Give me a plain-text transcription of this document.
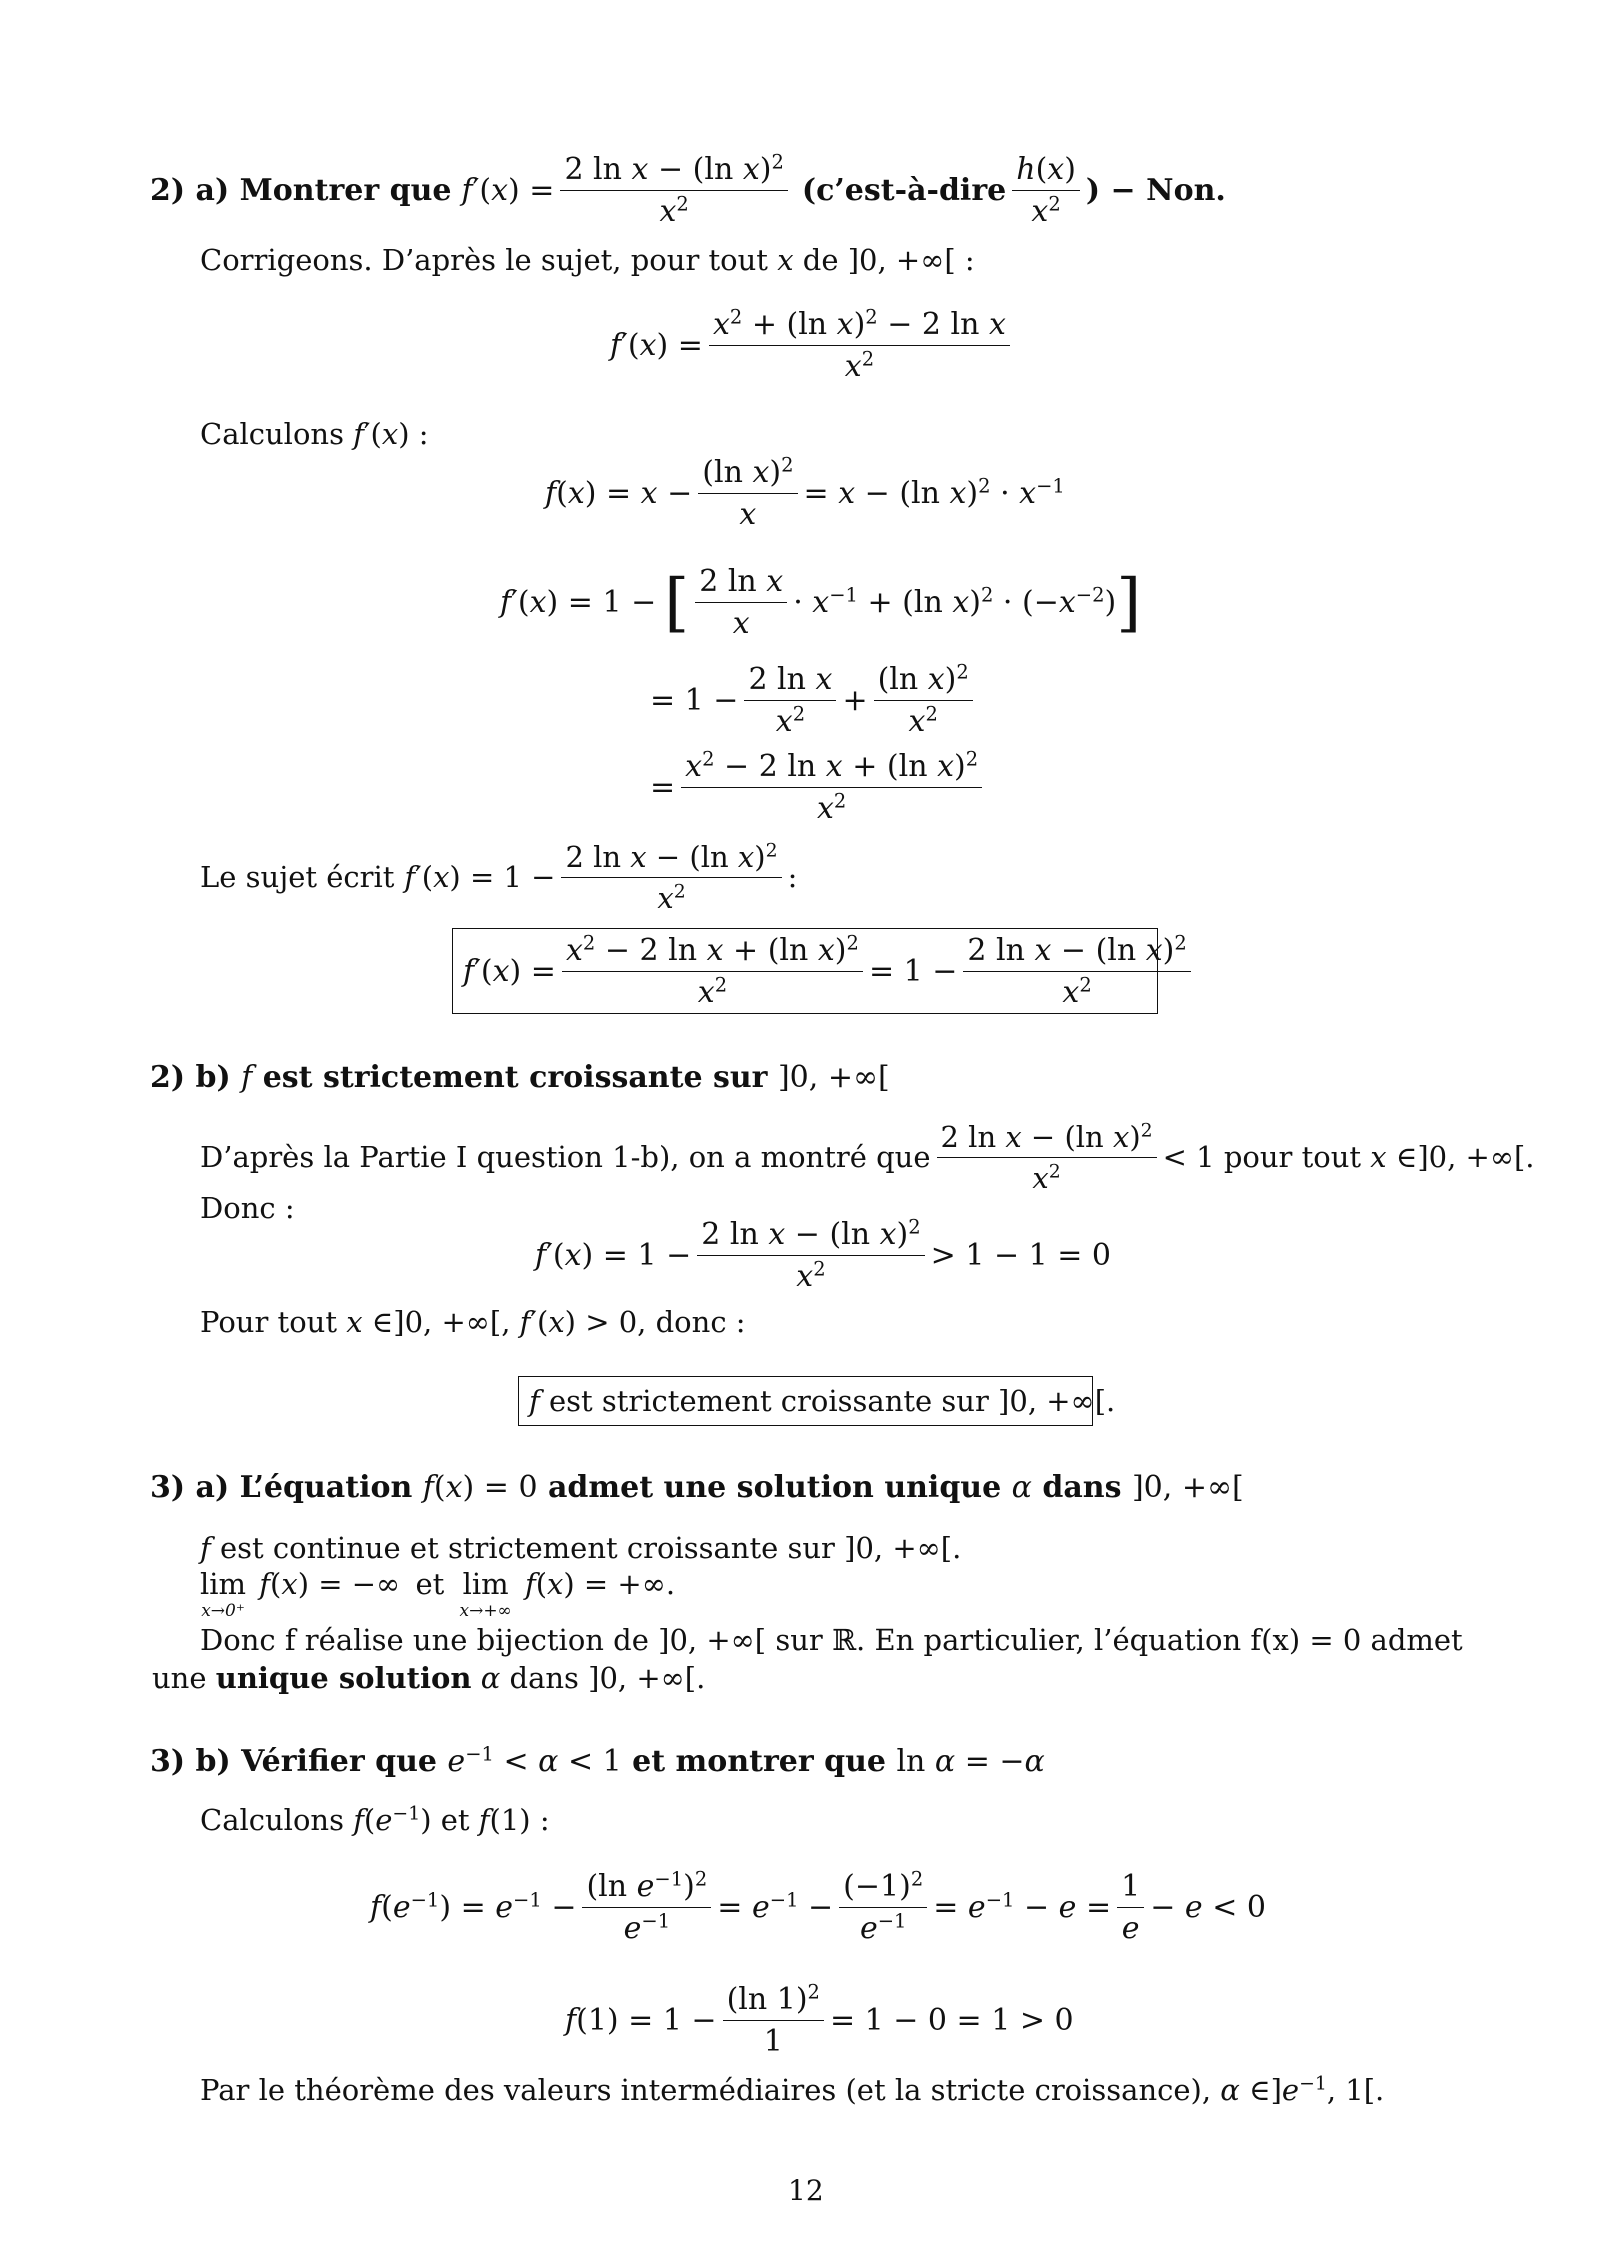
2) a) Montrer que $f'(x) = \frac{2 \ln x - (\ln x)^2}{x^2}$ (c’est-à-dire $\frac{h(x)}{x^2}$ ) − Non.
Corrigeons. D’après le sujet, pour tout x de ]0, +∞[ :
$f'(x) = \frac{x^2 + (\ln x)^2 - 2 \ln x}{x^2}$
Calculons f′(x) :
$f(x) = x - \frac{(\ln x)^2}{x} = x - (\ln$ $x)^2 \cdot x^{-1}$
f′(x) = 1 − [ $\frac{\text{2 ln x}}{x} \cdot x^{-1} + (\ln$ $x)^2 \cdot (-x^{-2})$ ]
= $1 - \frac{\text{2 ln x}}{x^2} + \frac{(\ln x)^2}{x^2}$
= $\frac{x^2 - 2 \ln x + (\ln x)^2}{x^2}$
Le sujet écrit $f'(x) = 1 - \frac{2 \ln x - (\ln x)^2}{x^2}$ :
$f'(x) = \frac{x^2 - 2 \ln x + (\ln x)^2}{x^2} = 1 - \frac{2 \ln x - (\ln x)^2}{x^2}$
2) b) f est strictement croissante sur ]0, +∞[
D’après la Partie I question 1-b), on a montré que $\frac{2 \ln x - (\ln x)^2}{x^2} < 1$ pour tout
x
∈]0, +∞[.
Donc :
$f'(x) = 1 - \frac{2 \ln x - (\ln x)^2}{x^2} > 1 - 1 = 0$
Pour tout x ∈]0, +∞[, f′(x) > 0, donc :
f
est strictement croissante sur ]0, +∞[.
3) a) L’équation f(x) = 0 admet une solution unique α dans ]0, +∞[
f est continue et strictement croissante sur ]0, +∞[.
lim
x→0⁺
f(x) = −∞ et lim
x→+∞
f(x) = +∞.
Donc f réalise une bijection de ]0, +∞[ sur ℝ. En particulier, l’équation f(x) = 0 admet
une unique solution α dans ]0, +∞[.
3) b) Vérifier que $e^{-1} < \alpha < 1$ et montrer que ln α = −α
Calculons $f(e^{-1})$ et f(1) :
$f(e^{-1}) = e^{-1} - \frac{(\ln e^{-1})^2}{e^{-1}} = e^{-1} - \frac{(-1)^2}{e^{-1}} = e^{-1} - e = \frac{1}{e} - e < 0$
$f(1) = 1 - \frac{(\ln 1)^2}{1} = 1 - 0 = 1 > 0$
Par le théorème des valeurs intermédiaires (et la stricte croissance), α $\in]e^{-1}$, 1[.
12
